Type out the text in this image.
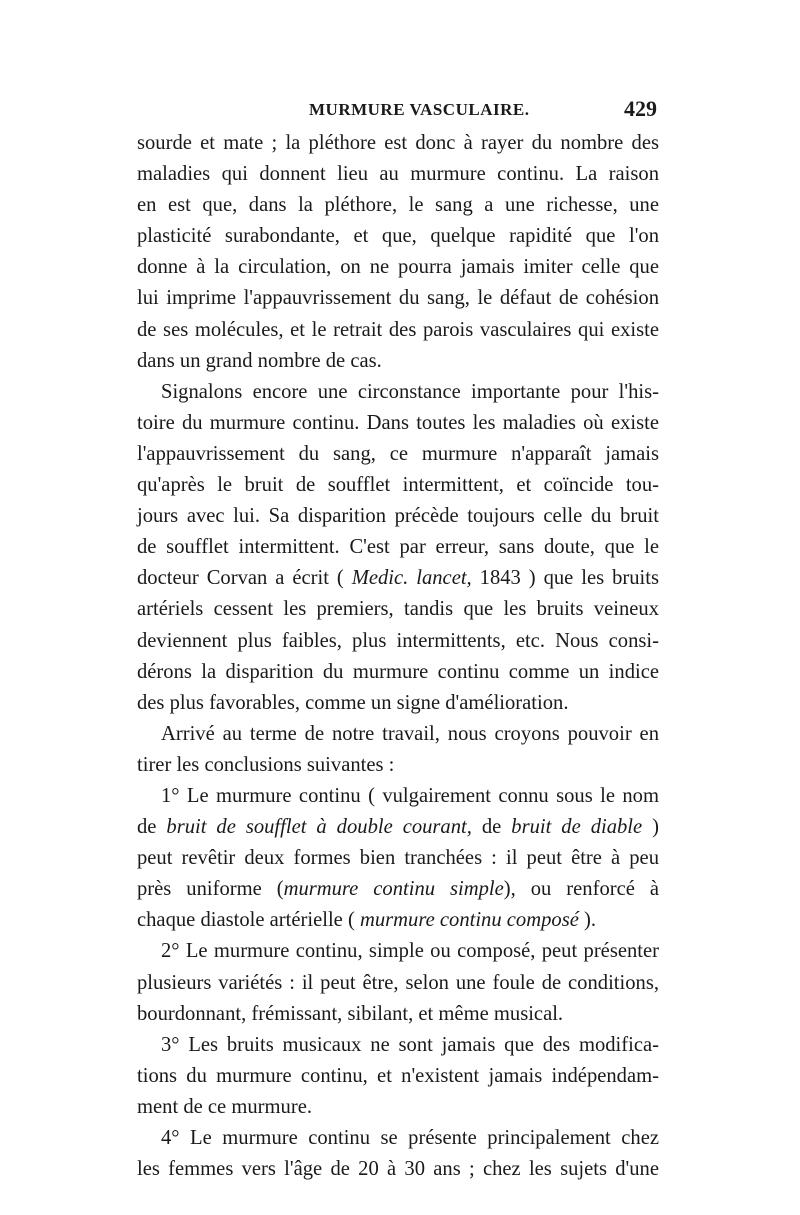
MURMURE VASCULAIRE.	429
sourde et mate ; la pléthore est donc à rayer du nombre des
maladies qui donnent lieu au murmure continu. La raison
en est que, dans la pléthore, le sang a une richesse, une
plasticité surabondante, et que, quelque rapidité que l'on
donne à la circulation, on ne pourra jamais imiter celle que
lui imprime l'appauvrissement du sang, le défaut de cohésion
de ses molécules, et le retrait des parois vasculaires qui existe
dans un grand nombre de cas.
Signalons encore une circonstance importante pour l'his-
toire du murmure continu. Dans toutes les maladies où existe
l'appauvrissement du sang, ce murmure n'apparaît jamais
qu'après le bruit de soufflet intermittent, et coïncide tou-
jours avec lui. Sa disparition précède toujours celle du bruit
de soufflet intermittent. C'est par erreur, sans doute, que le
docteur Corvan a écrit ( Medic. lancet, 1843 ) que les bruits
artériels cessent les premiers, tandis que les bruits veineux
deviennent plus faibles, plus intermittents, etc. Nous consi-
dérons la disparition du murmure continu comme un indice
des plus favorables, comme un signe d'amélioration.
Arrivé au terme de notre travail, nous croyons pouvoir en
tirer les conclusions suivantes :
1° Le murmure continu ( vulgairement connu sous le nom
de bruit de soufflet à double courant, de bruit de diable )
peut revêtir deux formes bien tranchées : il peut être à peu
près uniforme (murmure continu simple), ou renforcé à
chaque diastole artérielle ( murmure continu composé ).
2° Le murmure continu, simple ou composé, peut présenter
plusieurs variétés : il peut être, selon une foule de conditions,
bourdonnant, frémissant, sibilant, et même musical.
3° Les bruits musicaux ne sont jamais que des modifica-
tions du murmure continu, et n'existent jamais indépendam-
ment de ce murmure.
4° Le murmure continu se présente principalement chez
les femmes vers l'âge de 20 à 30 ans ; chez les sujets d'une
